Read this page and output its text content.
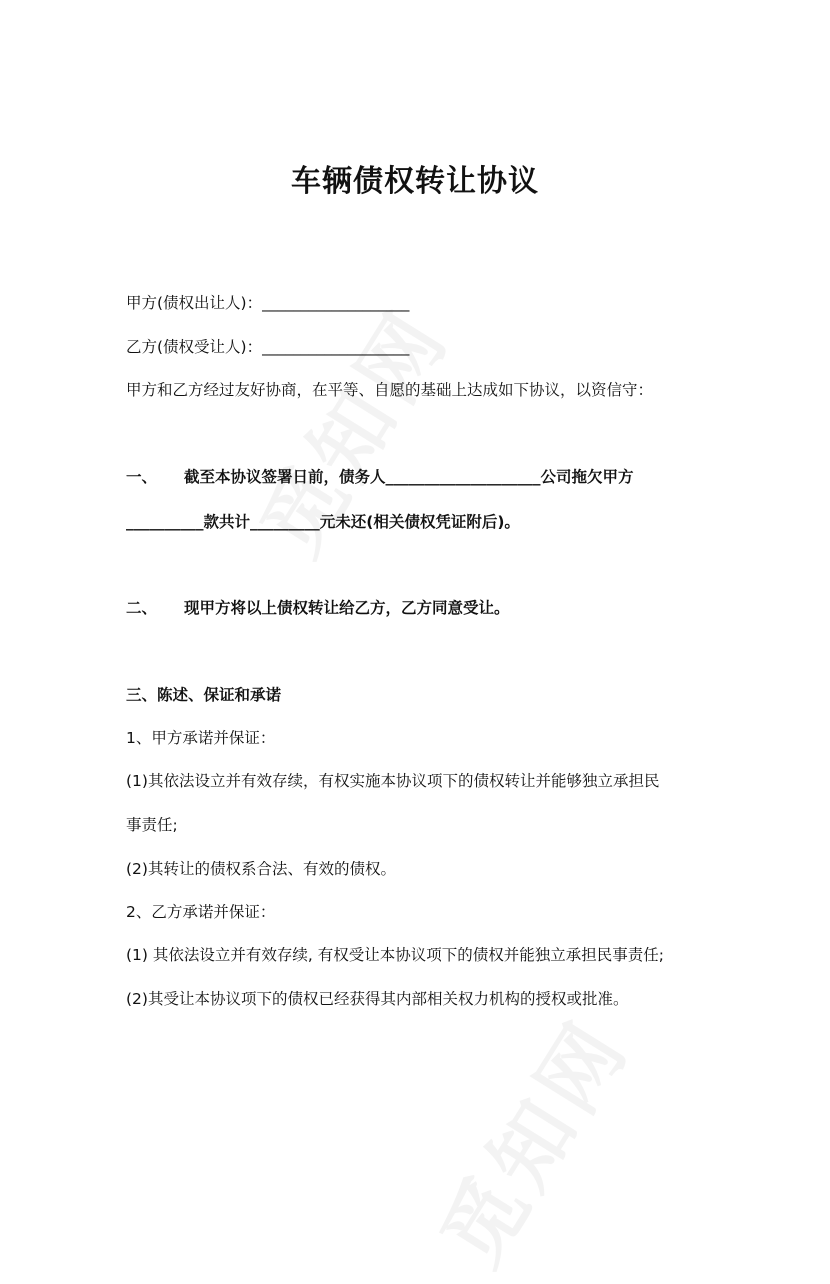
车辆债权转让协议
甲方(债权出让人)：___________________
乙方(债权受让人)：___________________
甲方和乙方经过友好协商，在平等、自愿的基础上达成如下协议，以资信守：
一、 截至本协议签署日前，债务人____________________公司拖欠甲方
__________款共计_________元未还(相关债权凭证附后)。
二、 现甲方将以上债权转让给乙方，乙方同意受让。
三、陈述、保证和承诺
1、甲方承诺并保证：
(1)其依法设立并有效存续，有权实施本协议项下的债权转让并能够独立承担民
事责任;
(2)其转让的债权系合法、有效的债权。
2、乙方承诺并保证：
(1) 其依法设立并有效存续, 有权受让本协议项下的债权并能独立承担民事责任;
(2)其受让本协议项下的债权已经获得其内部相关权力机构的授权或批准。
